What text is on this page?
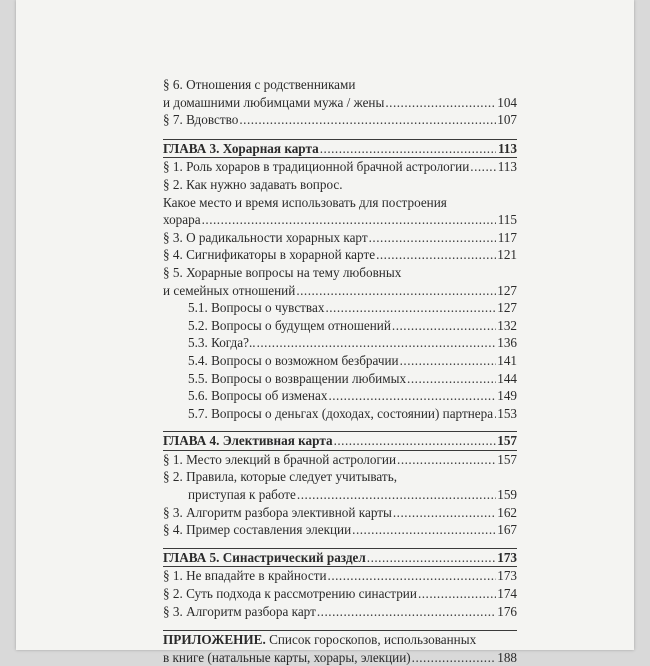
§ 6. Отношения с родственниками
и домашними любимцами мужа / жены .....	104
§ 7. Вдовство .....	107
ГЛАВА 3. Хорарная карта .....	113
§ 1. Роль хораров в традиционной брачной астрологии ..... 113
§ 2. Как нужно задавать вопрос.
Какое место и время использовать для построения
хорара .....	115
§ 3. О радикальности хорарных карт .....	117
§ 4. Сигнификаторы в хорарной карте .....	121
§ 5. Хорарные вопросы на тему любовных
и семейных отношений .....	127
5.1. Вопросы о чувствах .....	127
5.2. Вопросы о будущем отношений .....	132
5.3. Когда?.. .....	136
5.4. Вопросы о возможном безбрачии .....	141
5.5. Вопросы о возвращении любимых .....	144
5.6. Вопросы об изменах .....	149
5.7. Вопросы о деньгах (доходах, состоянии) партнера ..... 153
ГЛАВА 4. Элективная карта .....	157
§ 1. Место элекций в брачной астрологии .....	157
§ 2. Правила, которые следует учитывать,
приступая к работе .....	159
§ 3. Алгоритм разбора элективной карты .....	162
§ 4. Пример составления элекции .....	167
ГЛАВА 5. Синастрический раздел .....	173
§ 1. Не впадайте в крайности .....	173
§ 2. Суть подхода к рассмотрению синастрии .....	174
§ 3. Алгоритм разбора карт .....	176
ПРИЛОЖЕНИЕ. Список гороскопов, использованных
в книге (натальные карты, хорары, элекции) .....	188
